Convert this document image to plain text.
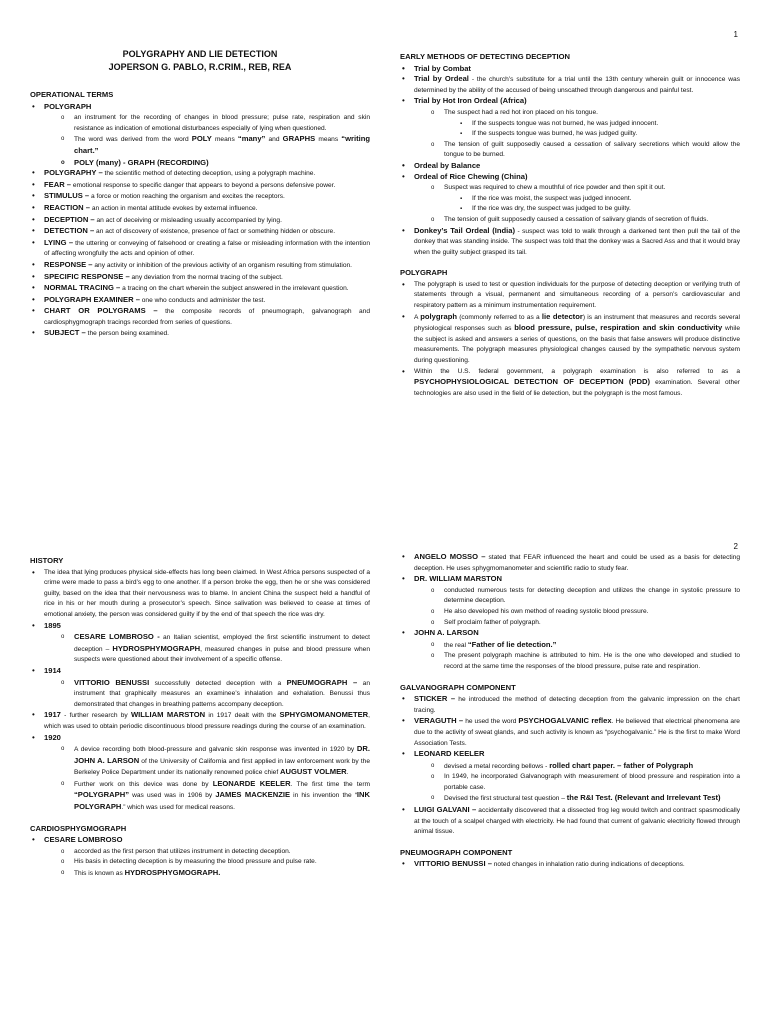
1
POLYGRAPHY AND LIE DETECTION
JOPERSON G. PABLO, R.CRIM., REB, REA
OPERATIONAL TERMS
• POLYGRAPH
o an instrument for the recording of changes in blood pressure; pulse rate, respiration and skin resistance as indication of emotional disturbances especially of lying when questioned.
o The word was derived from the word POLY means “many” and GRAPHS means “writing chart.”
o POLY (many) - GRAPH (RECORDING)
• POLYGRAPHY – the scientific method of detecting deception, using a polygraph machine.
• FEAR – emotional response to specific danger that appears to beyond a persons defensive power.
• STIMULUS – a force or motion reaching the organism and excites the receptors.
• REACTION – an action in mental attitude evokes by external influence.
• DECEPTION – an act of deceiving or misleading usually accompanied by lying.
• DETECTION – an act of discovery of existence, presence of fact or something hidden or obscure.
• LYING – the uttering or conveying of falsehood or creating a false or misleading information with the intention of affecting wrongfully the acts and opinion of other.
• RESPONSE – any activity or inhibition of the previous activity of an organism resulting from stimulation.
• SPECIFIC RESPONSE – any deviation from the normal tracing of the subject.
• NORMAL TRACING – a tracing on the chart wherein the subject answered in the irrelevant question.
• POLYGRAPH EXAMINER – one who conducts and administer the test.
• CHART OR POLYGRAMS – the composite records of pneumograph, galvanograph and cardiosphygmograph tracings recorded from series of questions.
• SUBJECT – the person being examined.
EARLY METHODS OF DETECTING DECEPTION
• Trial by Combat
• Trial by Ordeal - the church’s substitute for a trial until the 13th century wherein guilt or innocence was determined by the ability of the accused of being unscathed through dangerous and painful test.
• Trial by Hot Iron Ordeal (Africa)
o The suspect had a red hot iron placed on his tongue.
▪ If the suspects tongue was not burned, he was judged innocent.
▪ If the suspects tongue was burned, he was judged guilty.
o The tension of guilt supposedly caused a cessation of salivary secretions which would allow the tongue to be burned.
• Ordeal by Balance
• Ordeal of Rice Chewing (China)
o Suspect was required to chew a mouthful of rice powder and then spit it out.
▪ If the rice was moist, the suspect was judged innocent.
▪ If the rice was dry, the suspect was judged to be guilty.
o The tension of guilt supposedly caused a cessation of salivary glands of secretion of fluids.
• Donkey’s Tail Ordeal (India) - suspect was told to walk through a darkened tent then pull the tail of the donkey that was standing inside. The suspect was told that the donkey was a Sacred Ass and that it would bray when the guilty subject grasped its tail.
POLYGRAPH
• The polygraph is used to test or question individuals for the purpose of detecting deception or verifying truth of statements through a visual, permanent and simultaneous recording of a person’s cardiovascular and respiratory pattern as a minimum instrumentation requirement.
• A polygraph (commonly referred to as a lie detector) is an instrument that measures and records several physiological responses such as blood pressure, pulse, respiration and skin conductivity while the subject is asked and answers a series of questions, on the basis that false answers will produce distinctive measurements. The polygraph measures physiological changes caused by the sympathetic nervous system during questioning.
• Within the U.S. federal government, a polygraph examination is also referred to as a PSYCHOPHYSIOLOGICAL DETECTION OF DECEPTION (PDD) examination. Several other technologies are also used in the field of lie detection, but the polygraph is the most famous.
2
HISTORY
• The idea that lying produces physical side-effects has long been claimed. In West Africa persons suspected of a crime were made to pass a bird’s egg to one another. If a person broke the egg, then he or she was considered guilty, based on the idea that their nervousness was to blame. In ancient China the suspect held a handful of rice in his or her mouth during a prosecutor’s speech. Since salivation was believed to cease at times of emotional anxiety, the person was considered guilty if by the end of that speech the rice was dry.
• 1895
o CESARE LOMBROSO - an Italian scientist, employed the first scientific instrument to detect deception – HYDROSPHYMOGRAPH, measured changes in pulse and blood pressure when suspects were questioned about their involvement of a specific offense.
• 1914
o VITTORIO BENUSSI successfully detected deception with a PNEUMOGRAPH – an instrument that graphically measures an examinee’s inhalation and exhalation. Benussi thus demonstrated that changes in breathing patterns accompany deception.
• 1917 - further research by WILLIAM MARSTON in 1917 dealt with the SPHYGMOMANOMETER, which was used to obtain periodic discontinuous blood pressure readings during the course of an examination.
• 1920
o A device recording both blood-pressure and galvanic skin response was invented in 1920 by DR. JOHN A. LARSON of the University of California and first applied in law enforcement work by the Berkeley Police Department under its nationally renowned police chief AUGUST VOLMER.
o Further work on this device was done by LEONARDE KEELER. The first time the term “POLYGRAPH” was used was in 1906 by JAMES MACKENZIE in his invention the “INK POLYGRAPH.” which was used for medical reasons.
CARDIOSPHYGMOGRAPH
• CESARE LOMBROSO
o accorded as the first person that utilizes instrument in detecting deception.
o His basis in detecting deception is by measuring the blood pressure and pulse rate.
o This is known as HYDROSPHYGMOGRAPH.
• ANGELO MOSSO – stated that FEAR influenced the heart and could be used as a basis for detecting deception. He uses sphygmomanometer and scientific radio to study fear.
• DR. WILLIAM MARSTON
o conducted numerous tests for detecting deception and utilizes the change in systolic pressure to determine deception.
o He also developed his own method of reading systolic blood pressure.
o Self proclaim father of polygraph.
• JOHN A. LARSON
o the real “Father of lie detection.”
o The present polygraph machine is attributed to him. He is the one who developed and studied to record at the same time the responses of the blood pressure, pulse rate and respiration.
GALVANOGRAPH COMPONENT
• STICKER – he introduced the method of detecting deception from the galvanic impression on the chart tracing.
• VERAGUTH – he used the word PSYCHOGALVANIC reflex. He believed that electrical phenomena are due to the activity of sweat glands, and such activity is known as “psychogalvanic.” He is the first to make Word Association Tests.
• LEONARD KEELER
o devised a metal recording bellows - rolled chart paper. – father of Polygraph
o In 1949, he incorporated Galvanograph with measurement of blood pressure and respiration into a portable case.
o Devised the first structural test question – the R&I Test. (Relevant and Irrelevant Test)
• LUIGI GALVANI – accidentally discovered that a dissected frog leg would twitch and contract spasmodically at the touch of a scalpel charged with electricity. He had found that current of galvanic electricity flowed through animal tissue.
PNEUMOGRAPH COMPONENT
• VITTORIO BENUSSI – noted changes in inhalation ratio during indications of deceptions.
